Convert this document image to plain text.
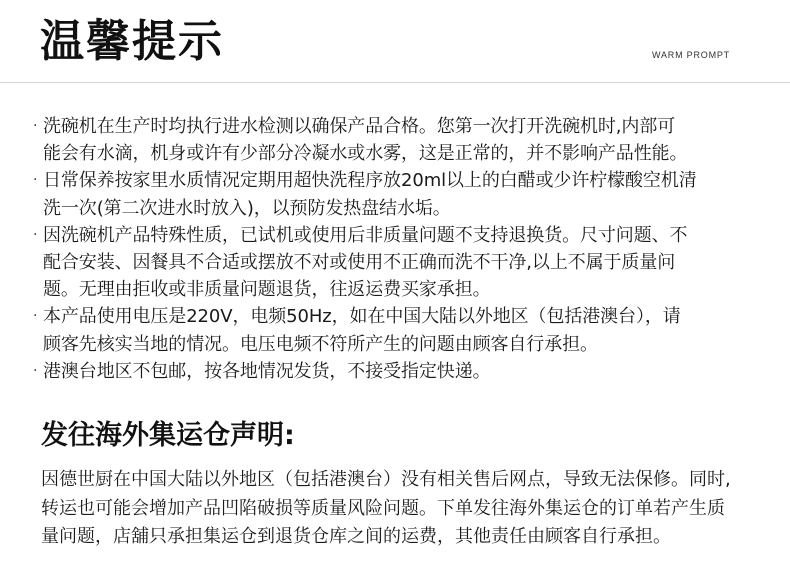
温馨提示	WARM PROMPT
· 洗碗机在生产时均执行进水检测以确保产品合格。您第一次打开洗碗机时,内部可
能会有水滴，机身或许有少部分冷凝水或水雾，这是正常的，并不影响产品性能。
· 日常保养按家里水质情况定期用超快洗程序放20ml以上的白醋或少许柠檬酸空机清
洗一次(第二次进水时放入)，以预防发热盘结水垢。
· 因洗碗机产品特殊性质，已试机或使用后非质量问题不支持退换货。尺寸问题、不
配合安装、因餐具不合适或摆放不对或使用不正确而洗不干净,以上不属于质量问
题。无理由拒收或非质量问题退货，往返运费买家承担。
· 本产品使用电压是220V，电频50Hz，如在中国大陆以外地区（包括港澳台），请
顾客先核实当地的情况。电压电频不符所产生的问题由顾客自行承担。
· 港澳台地区不包邮，按各地情况发货，不接受指定快递。
发往海外集运仓声明:

因德世厨在中国大陆以外地区（包括港澳台）没有相关售后网点，导致无法保修。同时,
转运也可能会增加产品凹陷破损等质量风险问题。下单发往海外集运仓的订单若产生质
量问题，店舖只承担集运仓到退货仓库之间的运费，其他责任由顾客自行承担。
